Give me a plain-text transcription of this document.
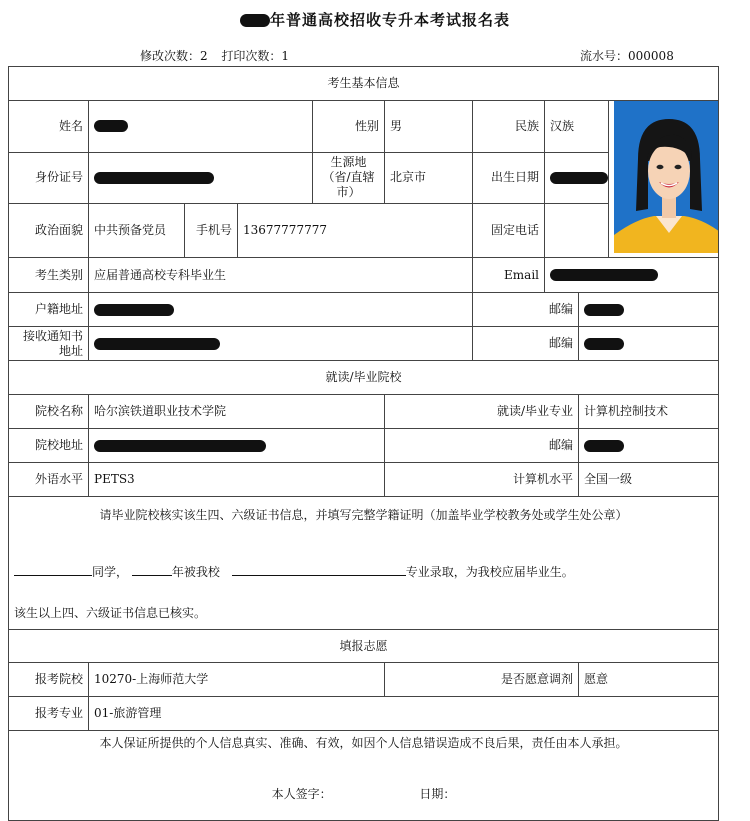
年普通高校招收专升本考试报名表
修改次数：2 打印次数：1	流水号：000008
考生基本信息									
姓名				性别	男	民族	汉族	
身份证号				生源地（省/直辖市）	北京市	出生日期			
政治面貌	中共预备党员	手机号	13677777777			固定电话			
考生类别	应届普通高校专科毕业生					Email			
户籍地址						邮编			
接收通知书地址						邮编			
就读/毕业院校									
院校名称	哈尔滨铁道职业技术学院				就读/毕业专业			计算机控制技术	
院校地址					邮编				
外语水平	PETS3				计算机水平			全国一级	

请毕业院校核实该生四、六级证书信息，并填写完整学籍证明（加盖毕业学校教务处或学生处公章）
同学， 年被我校 专业录取，为我校应届毕业生。
该生以上四、六级证书信息已核实。									

填报志愿									
报考院校	10270-上海师范大学				是否愿意调剂			愿意	
报考专业	01-旅游管理								

本人保证所提供的个人信息真实、准确、有效，如因个人信息错误造成不良后果，责任由本人承担。
本人签字： 日期：									
